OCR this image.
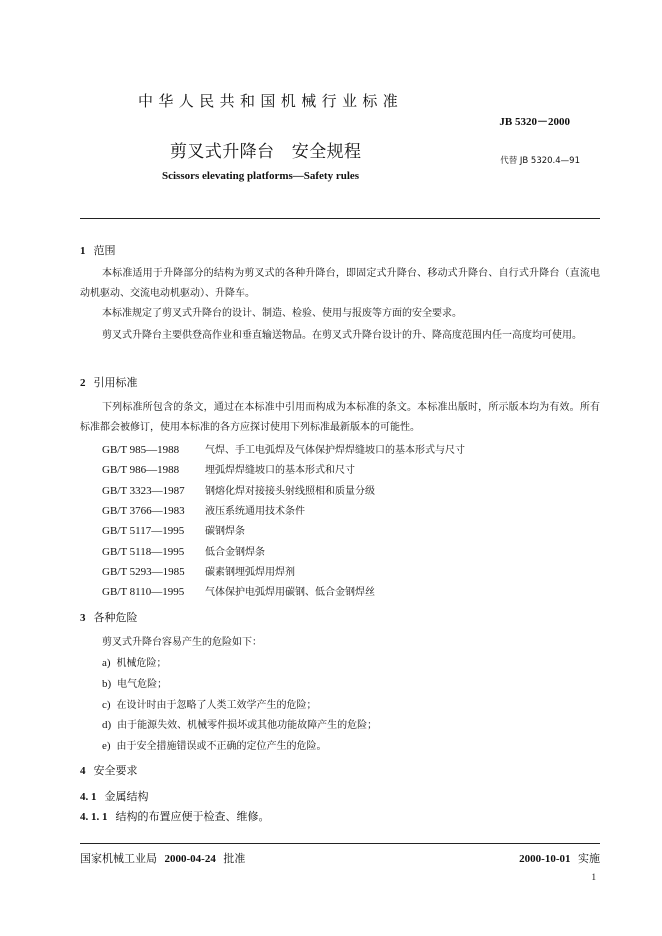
中华人民共和国机械行业标准
JB 5320－2000
剪叉式升降台　安全规程	代替 JB 5320.4—91
Scissors elevating platforms—Safety rules
1 范围
本标准适用于升降部分的结构为剪叉式的各种升降台，即固定式升降台、移动式升降台、自行式升降台（直流电动机驱动、交流电动机驱动）、升降车。
本标准规定了剪叉式升降台的设计、制造、检验、使用与报废等方面的安全要求。
剪叉式升降台主要供登高作业和垂直输送物品。在剪叉式升降台设计的升、降高度范围内任一高度均可使用。
2 引用标准
下列标准所包含的条文，通过在本标准中引用而构成为本标准的条文。本标准出版时，所示版本均为有效。所有标准都会被修订，使用本标准的各方应探讨使用下列标准最新版本的可能性。
GB/T 985—1988	气焊、手工电弧焊及气体保护焊焊缝坡口的基本形式与尺寸
GB/T 986—1988	埋弧焊焊缝坡口的基本形式和尺寸
GB/T 3323—1987 钢熔化焊对接接头射线照相和质量分级
GB/T 3766—1983 液压系统通用技术条件
GB/T 5117—1995 碳钢焊条
GB/T 5118—1995 低合金钢焊条
GB/T 5293—1985 碳素钢埋弧焊用焊剂
GB/T 8110—1995 气体保护电弧焊用碳钢、低合金钢焊丝
3 各种危险
剪叉式升降台容易产生的危险如下：
a) 机械危险；
b) 电气危险；
c) 在设计时由于忽略了人类工效学产生的危险；
d) 由于能源失效、机械零件损坏或其他功能故障产生的危险；
e) 由于安全措施错误或不正确的定位产生的危险。
4 安全要求
4. 1 金属结构
4. 1. 1 结构的布置应便于检查、维修。
国家机械工业局 2000-04-24 批准	2000-10-01 实施
1
